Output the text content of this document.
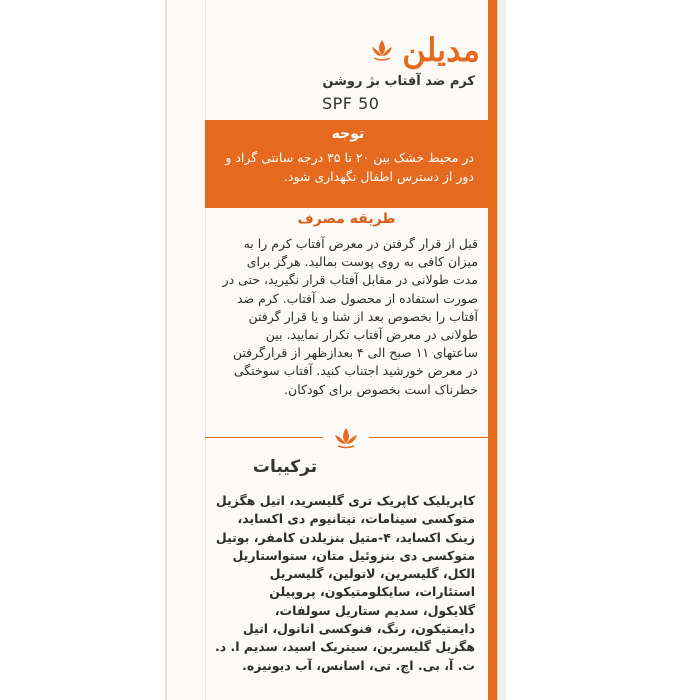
مدیلن
کرم ضد آفتاب بژ روشن
SPF 50
توجه
در محیط خشک بین ۲۰ تا ۳۵ درجه سانتی گراد و دور از دسترس اطفال نگهداری شود.
طریقه مصرف
قبل از قرار گرفتن در معرض آفتاب کرم را به میزان کافی به روی پوست بمالید. هرگز برای مدت طولانی در مقابل آفتاب قرار نگیرید، حتی در صورت استفاده از محصول ضد آفتاب. کرم ضد آفتاب را بخصوص بعد از شنا و یا قرار گرفتن طولانی در معرض آفتاب تکرار نمایید. بین ساعتهای ۱۱ صبح الی ۴ بعدازظهر از قرارگرفتن در معرض خورشید اجتناب کنید. آفتاب سوختگی خطرناک است بخصوص برای کودکان.
ترکیبات
کاپریلیک کاپریک تری گلیسرید، اتیل هگزیل متوکسی سینامات، تیتانیوم دی اکساید، زینک اکساید، ۴-متیل بنزیلدن کامفر، بوتیل متوکسی دی بنزوئیل متان، ستواستاریل الکل، گلیسرین، لانولین، گلیسریل استئارات، سایکلومتیکون، پروپیلن گلایکول، سدیم ستاریل سولفات، دایمتیکون، رنگ، فنوکسی اتانول، اتیل هگزیل گلیسرین، سیتریک اسید، سدیم ا. د. ت. آ، بی. اچ. تی، اسانس، آب دیونیزه.
